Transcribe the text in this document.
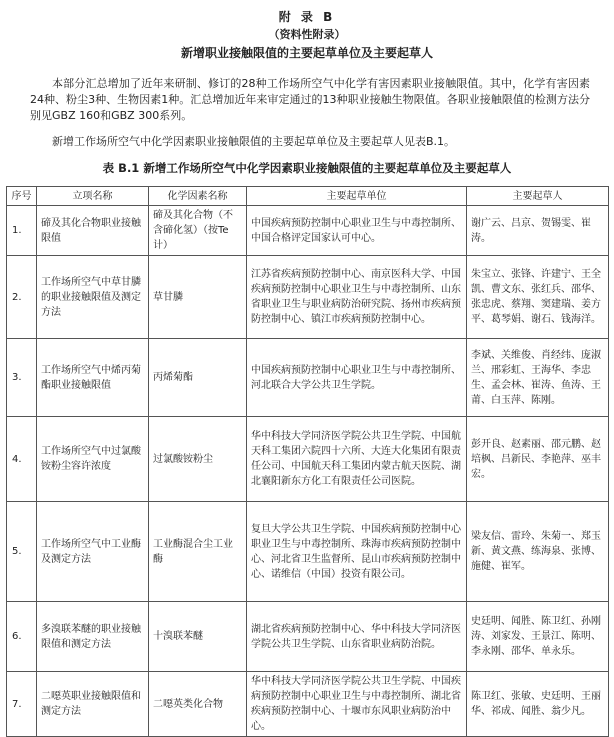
附 录 B
（资料性附录）
新增职业接触限值的主要起草单位及主要起草人

本部分汇总增加了近年来研制、修订的28种工作场所空气中化学有害因素职业接触限值。其中，化学有害因素24种、粉尘3种、生物因素1种。汇总增加近年来审定通过的13种职业接触生物限值。各职业接触限值的检测方法分别见GBZ 160和GBZ 300系列。

新增工作场所空气中化学因素职业接触限值的主要起草单位及主要起草人见表B.1。

表 B.1 新增工作场所空气中化学因素职业接触限值的主要起草单位及主要起草人
序号	立项名称	化学因素名称	主要起草单位	主要起草人
1.	碲及其化合物职业接触限值	碲及其化合物（不含碲化氢）（按Te计）	中国疾病预防控制中心职业卫生与中毒控制所、中国合格评定国家认可中心。	谢广云、吕京、贺锡雯、崔涛。
2.	工作场所空气中草甘膦的职业接触限值及测定方法	草甘膦	江苏省疾病预防控制中心、南京医科大学、中国疾病预防控制中心职业卫生与中毒控制所、山东省职业卫生与职业病防治研究院、扬州市疾病预防控制中心、镇江市疾病预防控制中心。	朱宝立、张锋、许建宁、王全凯、曹文东、张红兵、邵华、张忠虎、蔡翔、窦建瑞、姜方平、葛琴娟、谢石、钱海洋。
3.	工作场所空气中烯丙菊酯职业接触限值	丙烯菊酯	中国疾病预防控制中心职业卫生与中毒控制所、河北联合大学公共卫生学院。	李斌、关维俊、肖经纬、庞淑兰、邢彩虹、王海华、李忠生、孟会林、崔涛、鱼涛、王莆、白玉萍、陈刚。
4.	工作场所空气中过氯酸铵粉尘容许浓度	过氯酸铵粉尘	华中科技大学同济医学院公共卫生学院、中国航天科工集团六院四十六所、大连大化集团有限责任公司、中国航天科工集团内蒙古航天医院、湖北襄阳新东方化工有限责任公司医院。	彭开良、赵素丽、邵元鹏、赵培枫、吕新民、李艳萍、巫丰宏。
5.	工作场所空气中工业酶及测定方法	工业酶混合尘工业酶	复旦大学公共卫生学院、中国疾病预防控制中心职业卫生与中毒控制所、珠海市疾病预防控制中心、河北省卫生监督所、昆山市疾病预防控制中心、诺维信（中国）投资有限公司。	梁友信、雷玲、朱菊一、郑玉新、黄文燕、练海泉、张博、施健、崔军。
6.	多溴联苯醚的职业接触限值和测定方法	十溴联苯醚	湖北省疾病预防控制中心、华中科技大学同济医学院公共卫生学院、山东省职业病防治院。	史廷明、闻胜、陈卫红、孙刚涛、刘家发、王景江、陈明、李永刚、邵华、单永乐。
7.	二噁英职业接触限值和测定方法	二噁英类化合物	华中科技大学同济医学院公共卫生学院、中国疾病预防控制中心职业卫生与中毒控制所、湖北省疾病预防控制中心、十堰市东风职业病防治中心。	陈卫红、张敏、史廷明、王丽华、祁成、闻胜、翁少凡。
